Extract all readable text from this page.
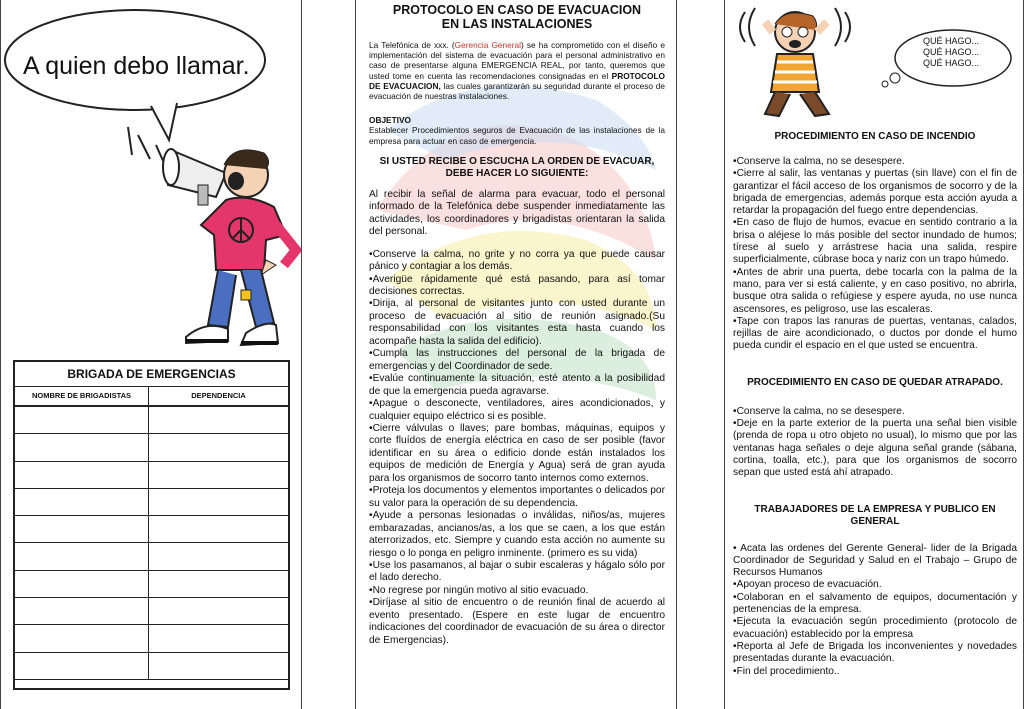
A quien debo llamar.
BRIGADA DE EMERGENCIAS
NOMBRE DE BRIGADISTAS	DEPENDENCIA

PROTOCOLO EN CASO DE EVACUACION

EN LAS INSTALACIONES

La Telefónica de xxx. (Gerencia General) se ha comprometido con el diseño e implementación del sistema de evacuación para el personal administrativo en caso de presentarse alguna EMERGENCIA REAL, por tanto, queremos que usted tome en cuenta las recomendaciones consignadas en el PROTOCOLO DE EVACUACION, las cuales garantizarán su seguridad durante el proceso de evacuación de nuestras instalaciones.

OBJETIVO

Establecer Procedimientos seguros de Evacuación de las instalaciones de la empresa para actuar en caso de emergencia.

SI USTED RECIBE O ESCUCHA LA ORDEN DE EVACUAR, DEBE HACER LO SIGUIENTE:

Al recibir la señal de alarma para evacuar, todo el personal informado de la Telefónica debe suspender inmediatamente las actividades, los coordinadores y brigadistas orientaran la salida del personal.

•Conserve la calma, no grite y no corra ya que puede causar pánico y contagiar a los demás.
•Averigüe rápidamente qué está pasando, para así tomar decisiones correctas.
•Dirija, al personal de visitantes junto con usted durante un proceso de evacuación al sitio de reunión asignado.(Su responsabilidad con los visitantes esta hasta cuando los acompañe hasta la salida del edificio).
•Cumpla las instrucciones del personal de la brigada de emergencias y del Coordinador de sede.
•Evalúe continuamente la situación, esté atento a la posibilidad de que la emergencia pueda agravarse.
•Apague o desconecte, ventiladores, aires acondicionados, y cualquier equipo eléctrico si es posible.
•Cierre válvulas o llaves; pare bombas, máquinas, equipos y corte fluídos de energía eléctrica en caso de ser posible (favor identificar en su área o edificio donde están instalados los equipos de medición de Energía y Agua) será de gran ayuda para los organismos de socorro tanto internos como externos.
•Proteja los documentos y elementos importantes o delicados por su valor para la operación de su dependencia.
•Ayude a personas lesionadas o inválidas, niños/as, mujeres embarazadas, ancianos/as, a los que se caen, a los que están aterrorizados, etc. Siempre y cuando esta acción no aumente su riesgo o lo ponga en peligro inminente. (primero es su vida)
•Use los pasamanos, al bajar o subir escaleras y hágalo sólo por el lado derecho.
•No regrese por ningún motivo al sitio evacuado.
•Diríjase al sitio de encuentro o de reunión final de acuerdo al evento presentado. (Espere en este lugar de encuentro indicaciones del coordinador de evacuación de su área o director de Emergencias).
QUÉ HAGO...
QUÉ HAGO...
QUÉ HAGO...

PROCEDIMIENTO EN CASO DE INCENDIO

•Conserve la calma, no se desespere.
•Cierre al salir, las ventanas y puertas (sin llave) con el fin de garantizar el fácil acceso de los organismos de socorro y de la brigada de emergencias, además porque esta acción ayuda a retardar la propagación del fuego entre dependencias.
•En caso de flujo de humos, evacue en sentido contrario a la brisa o aléjese lo más posible del sector inundado de humos; tírese al suelo y arrástrese hacia una salida, respire superficialmente, cúbrase boca y nariz con un trapo húmedo.
•Antes de abrir una puerta, debe tocarla con la palma de la mano, para ver si está caliente, y en caso positivo, no abrirla, busque otra salida o refúgiese y espere ayuda, no use nunca ascensores, es peligroso, use las escaleras.
•Tape con trapos las ranuras de puertas, ventanas, calados, rejillas de aire acondicionado, o ductos por donde el humo pueda cundir el espacio en el que usted se encuentra.

PROCEDIMIENTO EN CASO DE QUEDAR ATRAPADO.

•Conserve la calma, no se desespere.
•Deje en la parte exterior de la puerta una señal bien visible (prenda de ropa u otro objeto no usual), lo mismo que por las ventanas haga señales o deje alguna señal grande (sábana, cortina, toalla, etc.), para que los organismos de socorro sepan que usted está ahí atrapado.

TRABAJADORES DE LA EMPRESA Y PUBLICO EN GENERAL

• Acata las ordenes del Gerente General- lider de la Brigada Coordinador de Seguridad y Salud en el Trabajo – Grupo de Recursos Humanos
•Apoyan proceso de evacuación.
•Colaboran en el salvamento de equipos, documentación y pertenencias de la empresa.
•Ejecuta la evacuación según procedimiento (protocolo de evacuación) establecido por la empresa
•Reporta al Jefe de Brigada los inconvenientes y novedades presentadas durante la evacuación.
•Fin del procedimiento..
